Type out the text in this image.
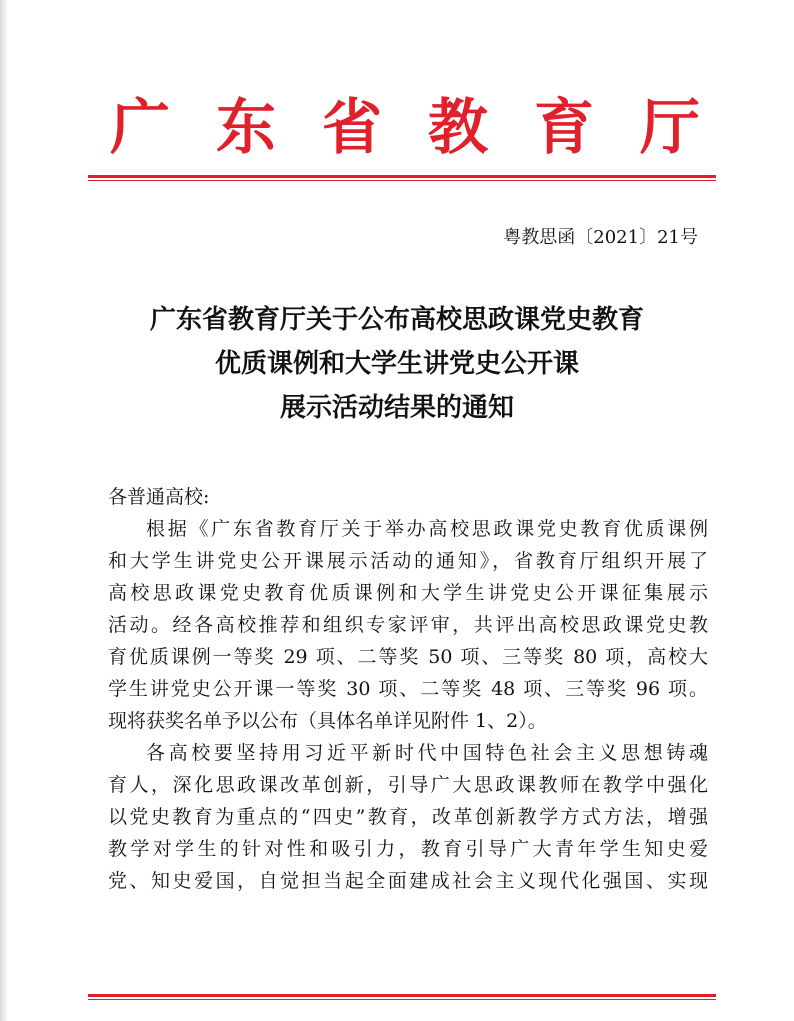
广 东 省 教 育 厅
粤教思函〔2021〕21号
广东省教育厅关于公布高校思政课党史教育
优质课例和大学生讲党史公开课
展示活动结果的通知
各普通高校:
根据《广东省教育厅关于举办高校思政课党史教育优质课例
和大学生讲党史公开课展示活动的通知》，省教育厅组织开展了
高校思政课党史教育优质课例和大学生讲党史公开课征集展示
活动。经各高校推荐和组织专家评审，共评出高校思政课党史教
育优质课例一等奖 29 项、二等奖 50 项、三等奖 80 项，高校大
学生讲党史公开课一等奖 30 项、二等奖 48 项、三等奖 96 项。
现将获奖名单予以公布（具体名单详见附件 1、2）。
各高校要坚持用习近平新时代中国特色社会主义思想铸魂
育人，深化思政课改革创新，引导广大思政课教师在教学中强化
以党史教育为重点的“四史”教育，改革创新教学方式方法，增强
教学对学生的针对性和吸引力，教育引导广大青年学生知史爱
党、知史爱国，自觉担当起全面建成社会主义现代化强国、实现
